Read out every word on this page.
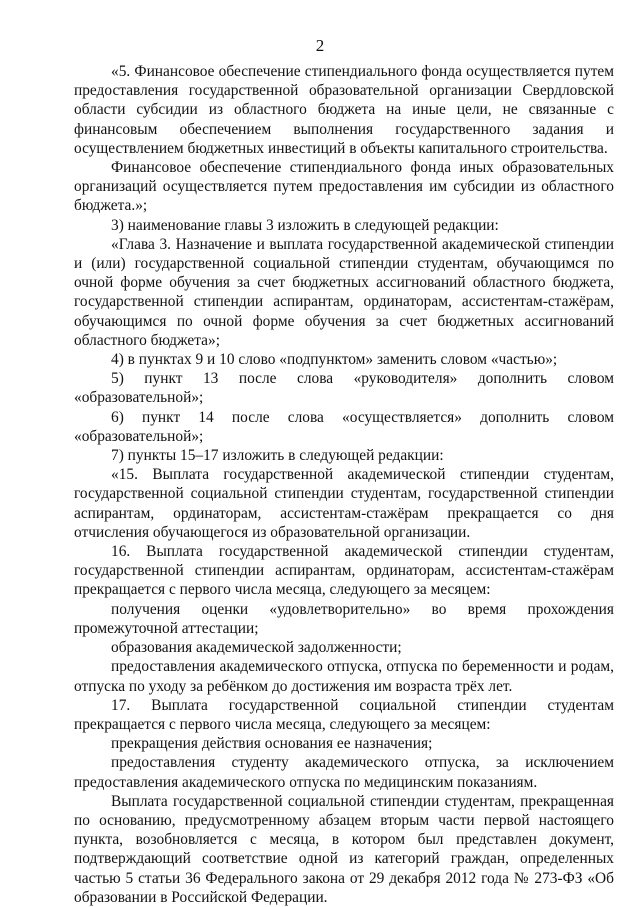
2

«5. Финансовое обеспечение стипендиального фонда осуществляется путем предоставления государственной образовательной организации Свердловской области субсидии из областного бюджета на иные цели, не связанные с финансовым обеспечением выполнения государственного задания и осуществлением бюджетных инвестиций в объекты капитального строительства.

Финансовое обеспечение стипендиального фонда иных образовательных организаций осуществляется путем предоставления им субсидии из областного бюджета.»;

3) наименование главы 3 изложить в следующей редакции:

«Глава 3. Назначение и выплата государственной академической стипендии и (или) государственной социальной стипендии студентам, обучающимся по очной форме обучения за счет бюджетных ассигнований областного бюджета, государственной стипендии аспирантам, ординаторам, ассистентам-стажёрам, обучающимся по очной форме обучения за счет бюджетных ассигнований областного бюджета»;

4) в пунктах 9 и 10 слово «подпунктом» заменить словом «частью»;

5) пункт 13 после слова «руководителя» дополнить словом «образовательной»;

6) пункт 14 после слова «осуществляется» дополнить словом «образовательной»;

7) пункты 15–17 изложить в следующей редакции:

«15. Выплата государственной академической стипендии студентам, государственной социальной стипендии студентам, государственной стипендии аспирантам, ординаторам, ассистентам-стажёрам прекращается со дня отчисления обучающегося из образовательной организации.

16. Выплата государственной академической стипендии студентам, государственной стипендии аспирантам, ординаторам, ассистентам-стажёрам прекращается с первого числа месяца, следующего за месяцем:

получения оценки «удовлетворительно» во время прохождения промежуточной аттестации;

образования академической задолженности;

предоставления академического отпуска, отпуска по беременности и родам, отпуска по уходу за ребёнком до достижения им возраста трёх лет.

17. Выплата государственной социальной стипендии студентам прекращается с первого числа месяца, следующего за месяцем:

прекращения действия основания ее назначения;

предоставления студенту академического отпуска, за исключением предоставления академического отпуска по медицинским показаниям.

Выплата государственной социальной стипендии студентам, прекращенная по основанию, предусмотренному абзацем вторым части первой настоящего пункта, возобновляется с месяца, в котором был представлен документ, подтверждающий соответствие одной из категорий граждан, определенных частью 5 статьи 36 Федерального закона от 29 декабря 2012 года № 273-ФЗ «Об образовании в Российской Федерации.
